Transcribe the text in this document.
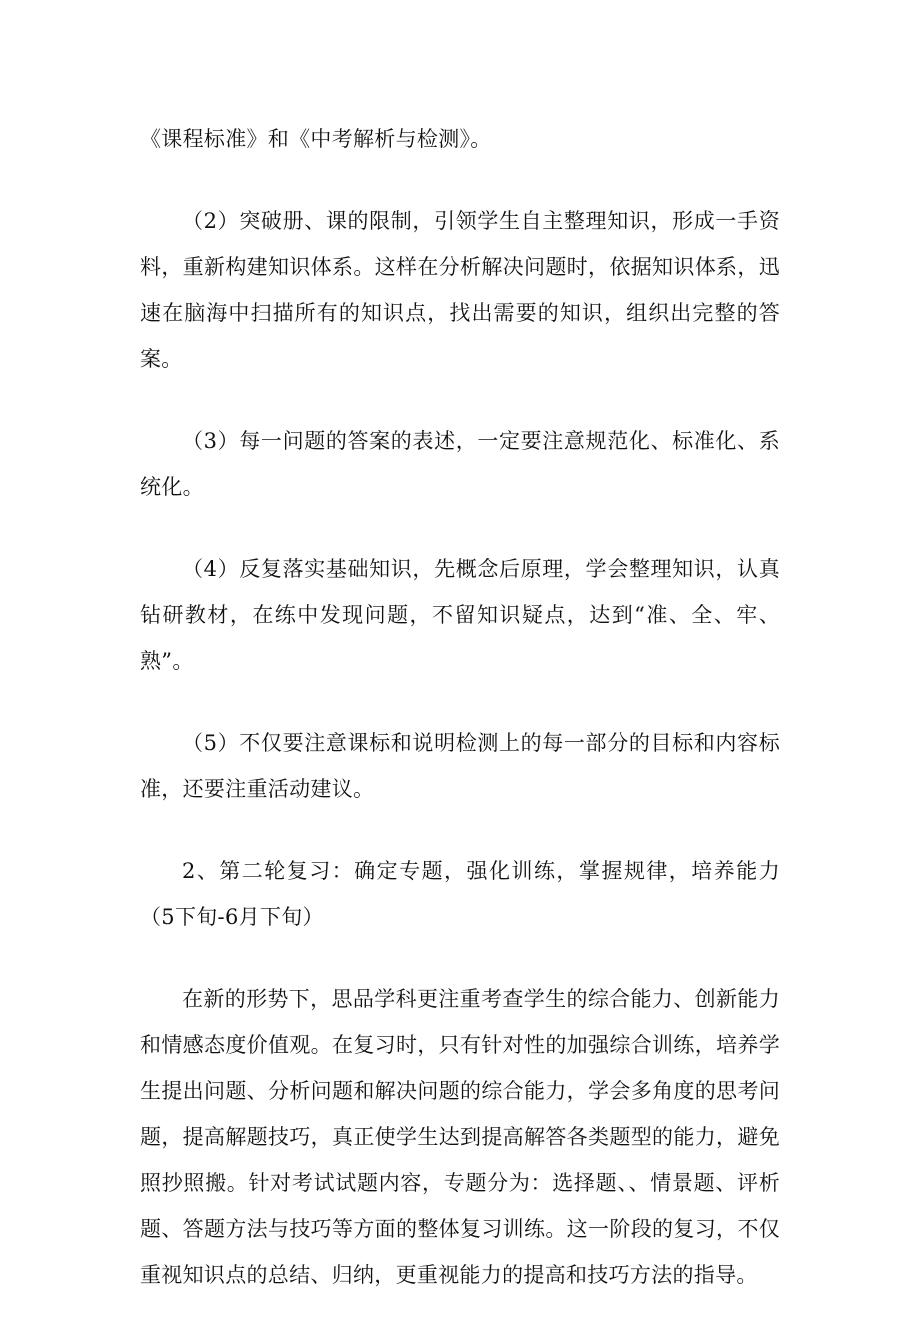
《课程标准》和《中考解析与检测》。

（2）突破册、课的限制，引领学生自主整理知识，形成一手资料，重新构建知识体系。这样在分析解决问题时，依据知识体系，迅速在脑海中扫描所有的知识点，找出需要的知识，组织出完整的答案。

（3）每一问题的答案的表述，一定要注意规范化、标准化、系统化。

（4）反复落实基础知识，先概念后原理，学会整理知识，认真钻研教材，在练中发现问题，不留知识疑点，达到“准、全、牢、熟”。

（5）不仅要注意课标和说明检测上的每一部分的目标和内容标准，还要注重活动建议。

2、第二轮复习：确定专题，强化训练，掌握规律，培养能力（5下旬-6月下旬）

在新的形势下，思品学科更注重考查学生的综合能力、创新能力和情感态度价值观。在复习时，只有针对性的加强综合训练，培养学生提出问题、分析问题和解决问题的综合能力，学会多角度的思考问题，提高解题技巧，真正使学生达到提高解答各类题型的能力，避免照抄照搬。针对考试试题内容，专题分为：选择题、、情景题、评析题、答题方法与技巧等方面的整体复习训练。这一阶段的复习，不仅重视知识点的总结、归纳，更重视能力的提高和技巧方法的指导。
